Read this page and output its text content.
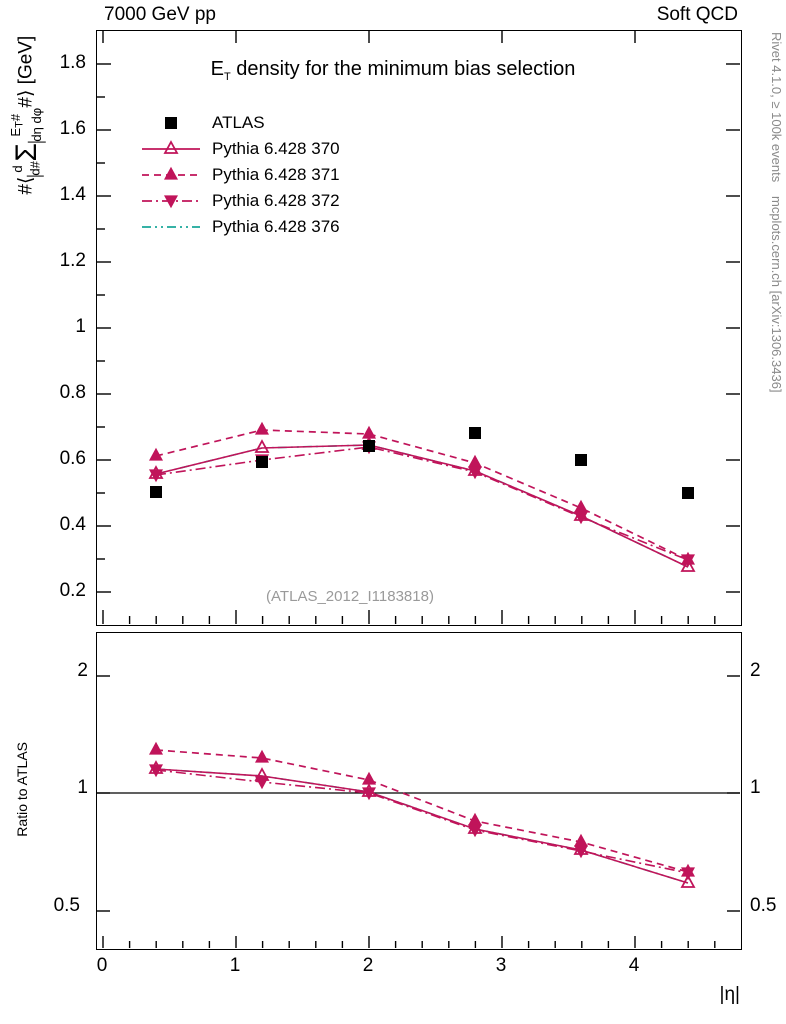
7000 GeV pp	Soft QCD
Rivet 4.1.0, ≥ 100k events
mcplots.cern.ch [arXiv:1306.3436]
#⟨
d d#
Σ
$E_T\#$ dη dφ
#⟩ [GeV]	$E_T$ density for the minimum bias selection
(ATLAS_2012_I1183818)
ATLAS
Pythia 6.428 370
Pythia 6.428 371
Pythia 6.428 372
Pythia 6.428 376
1.8
1.6
1.4
1.2
1
0.8
0.6
0.4
0.2
2
1
0.5
2
1
0.5
Ratio to ATLAS
0	1	2	3	4
|η|
